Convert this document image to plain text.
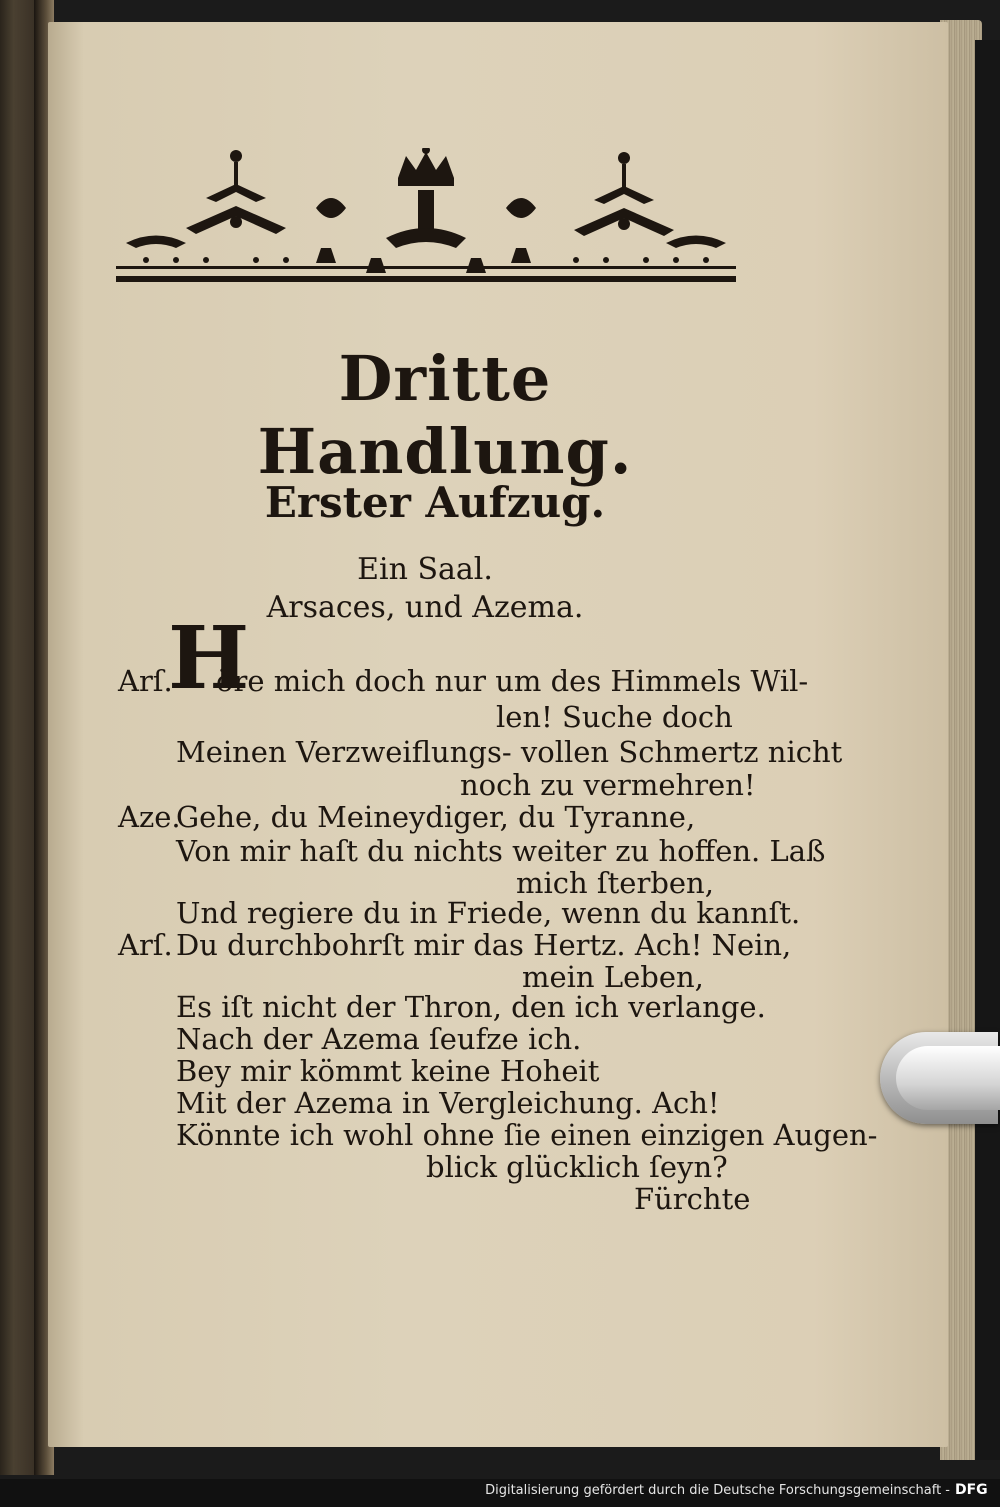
Dritte Handlung.
Erster Aufzug.
Ein Saal.
Arsaces, und Azema.
H
Arſ. öre mich doch nur um des Himmels Wil-
len! Suche doch
Meinen Verzweiflungs- vollen Schmertz nicht
noch zu vermehren!
Aze.
Gehe, du Meineydiger, du Tyranne,
Von mir haſt du nichts weiter zu hoffen. Laß
mich ſterben,
Und regiere du in Friede, wenn du kannſt.
Arſ. Du durchbohrſt mir das Hertz. Ach! Nein,
mein Leben,
Es iſt nicht der Thron, den ich verlange.
Nach der Azema ſeufze ich.
Bey mir kömmt keine Hoheit
Mit der Azema in Vergleichung. Ach!
Könnte ich wohl ohne ſie einen einzigen Augen-
blick glücklich ſeyn?
Fürchte
Digitalisierung gefördert durch die Deutsche Forschungsgemeinschaft - DFG
